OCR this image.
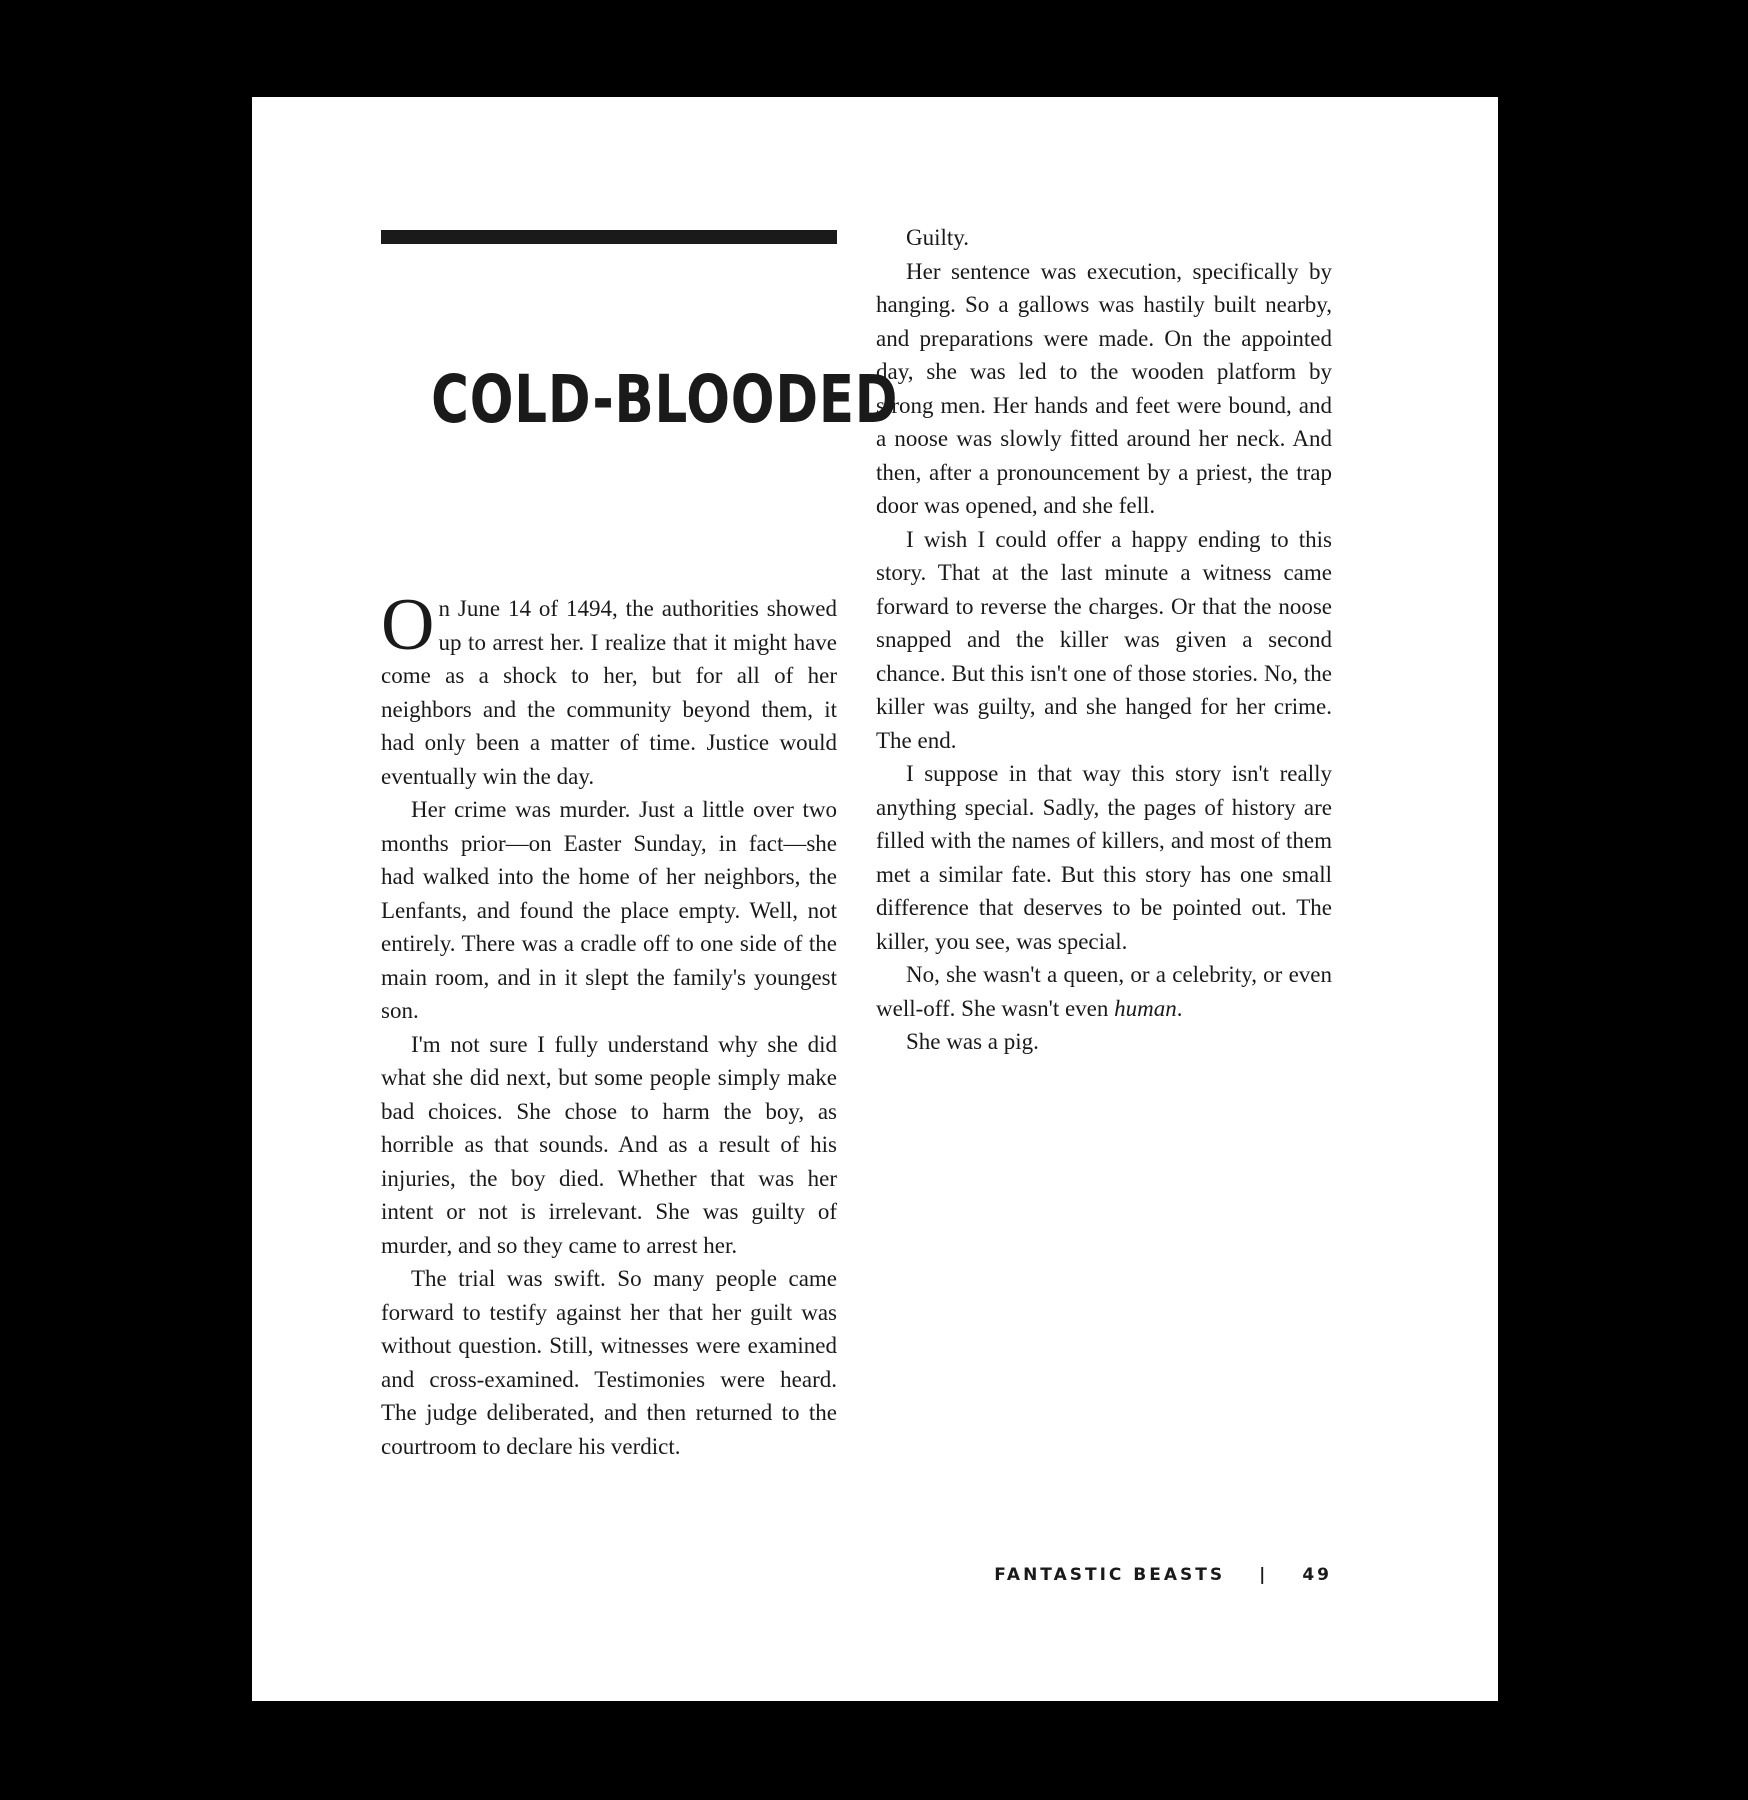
COLD-BLOODED

On June 14 of 1494, the authorities showed up to arrest her. I realize that it might have come as a shock to her, but for all of her neighbors and the community beyond them, it had only been a matter of time. Justice would eventually win the day.

Her crime was murder. Just a little over two months prior—on Easter Sunday, in fact—she had walked into the home of her neighbors, the Lenfants, and found the place empty. Well, not entirely. There was a cradle off to one side of the main room, and in it slept the family's youngest son.

I'm not sure I fully understand why she did what she did next, but some people simply make bad choices. She chose to harm the boy, as horrible as that sounds. And as a result of his injuries, the boy died. Whether that was her intent or not is irrelevant. She was guilty of murder, and so they came to arrest her.

The trial was swift. So many people came forward to testify against her that her guilt was without question. Still, witnesses were examined and cross-examined. Testimonies were heard. The judge deliberated, and then returned to the courtroom to declare his verdict.

Guilty.

Her sentence was execution, specifically by hanging. So a gallows was hastily built nearby, and preparations were made. On the appointed day, she was led to the wooden platform by strong men. Her hands and feet were bound, and a noose was slowly fitted around her neck. And then, after a pronouncement by a priest, the trap door was opened, and she fell.

I wish I could offer a happy ending to this story. That at the last minute a witness came forward to reverse the charges. Or that the noose snapped and the killer was given a second chance. But this isn't one of those stories. No, the killer was guilty, and she hanged for her crime. The end.

I suppose in that way this story isn't really anything special. Sadly, the pages of history are filled with the names of killers, and most of them met a similar fate. But this story has one small difference that deserves to be pointed out. The killer, you see, was special.

No, she wasn't a queen, or a celebrity, or even well-off. She wasn't even human.

She was a pig.

FANTASTIC BEASTS | 49
